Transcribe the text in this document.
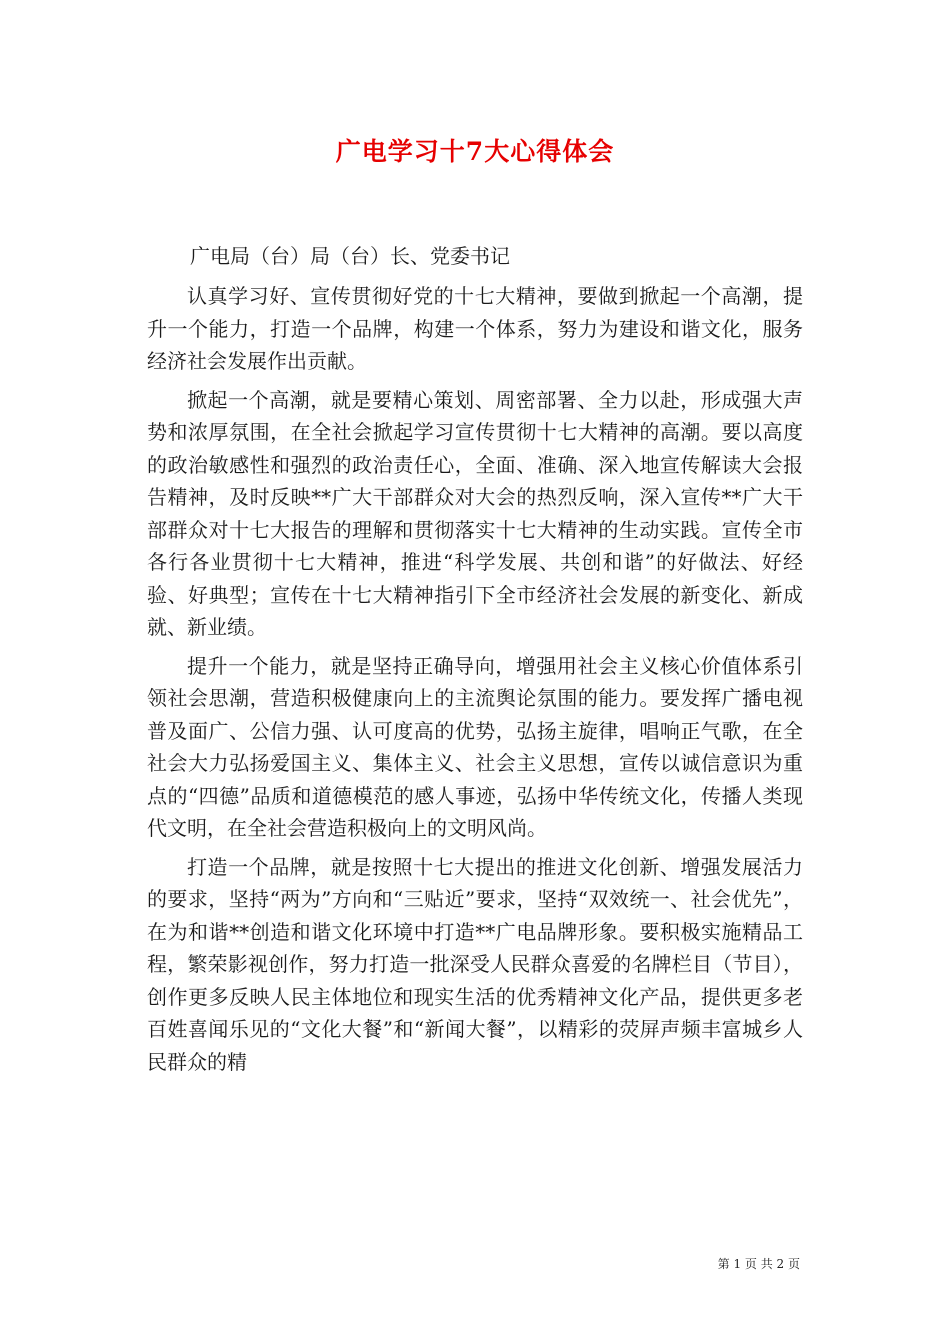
广电学习十7大心得体会

广电局（台）局（台）长、党委书记

认真学习好、宣传贯彻好党的十七大精神，要做到掀起一个高潮，提升一个能力，打造一个品牌，构建一个体系，努力为建设和谐文化，服务经济社会发展作出贡献。

掀起一个高潮，就是要精心策划、周密部署、全力以赴，形成强大声势和浓厚氛围，在全社会掀起学习宣传贯彻十七大精神的高潮。要以高度的政治敏感性和强烈的政治责任心，全面、准确、深入地宣传解读大会报告精神，及时反映**广大干部群众对大会的热烈反响，深入宣传**广大干部群众对十七大报告的理解和贯彻落实十七大精神的生动实践。宣传全市各行各业贯彻十七大精神，推进“科学发展、共创和谐”的好做法、好经验、好典型；宣传在十七大精神指引下全市经济社会发展的新变化、新成就、新业绩。

提升一个能力，就是坚持正确导向，增强用社会主义核心价值体系引领社会思潮，营造积极健康向上的主流舆论氛围的能力。要发挥广播电视普及面广、公信力强、认可度高的优势，弘扬主旋律，唱响正气歌，在全社会大力弘扬爱国主义、集体主义、社会主义思想，宣传以诚信意识为重点的“四德”品质和道德模范的感人事迹，弘扬中华传统文化，传播人类现代文明，在全社会营造积极向上的文明风尚。

打造一个品牌，就是按照十七大提出的推进文化创新、增强发展活力的要求，坚持“两为”方向和“三贴近”要求，坚持“双效统一、社会优先”，在为和谐**创造和谐文化环境中打造**广电品牌形象。要积极实施精品工程，繁荣影视创作，努力打造一批深受人民群众喜爱的名牌栏目（节目），创作更多反映人民主体地位和现实生活的优秀精神文化产品，提供更多老百姓喜闻乐见的“文化大餐”和“新闻大餐”，以精彩的荧屏声频丰富城乡人民群众的精

第 1 页 共 2 页
